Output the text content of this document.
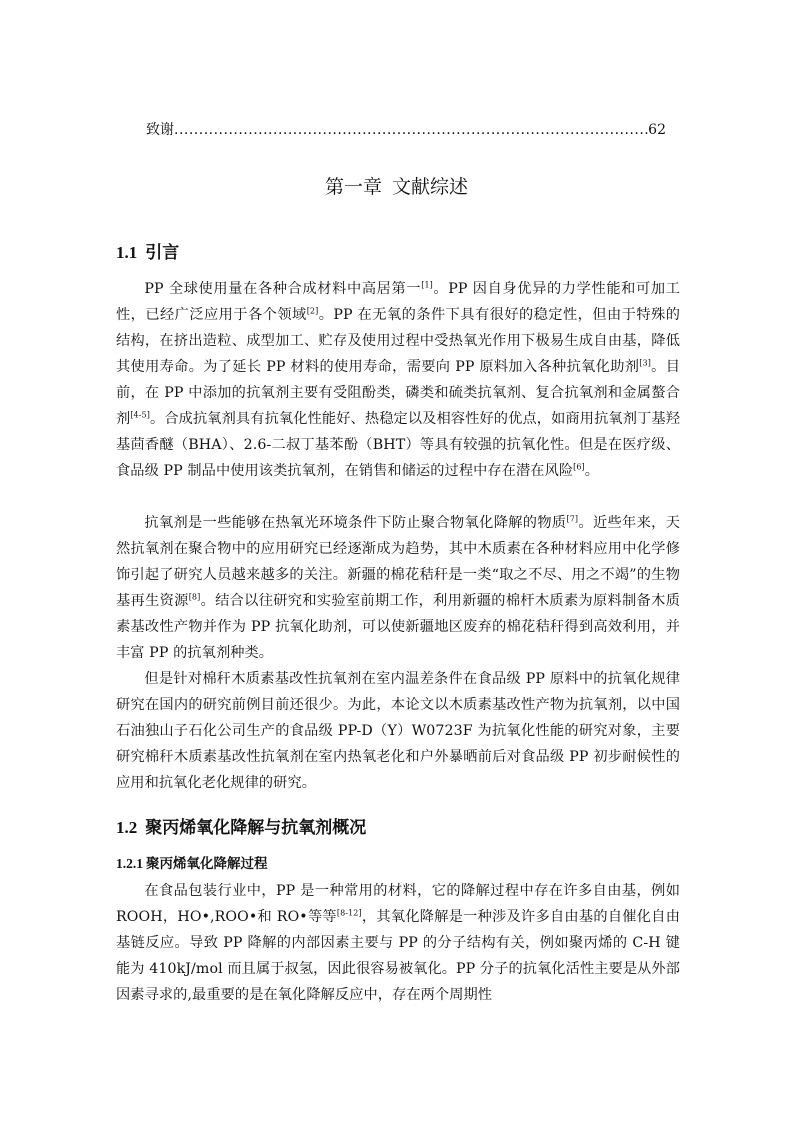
致谢
.....	62
第一章 文献综述
1.1 引言

PP 全球使用量在各种合成材料中高居第一[1]。PP 因自身优异的力学性能和可加工性，已经广泛应用于各个领域[2]。PP 在无氧的条件下具有很好的稳定性，但由于特殊的结构，在挤出造粒、成型加工、贮存及使用过程中受热氧光作用下极易生成自由基，降低其使用寿命。为了延长 PP 材料的使用寿命，需要向 PP 原料加入各种抗氧化助剂[3]。目前，在 PP 中添加的抗氧剂主要有受阻酚类，磷类和硫类抗氧剂、复合抗氧剂和金属螯合剂[4-5]。合成抗氧剂具有抗氧化性能好、热稳定以及相容性好的优点，如商用抗氧剂丁基羟基茴香醚（BHA）、2.6-二叔丁基苯酚（BHT）等具有较强的抗氧化性。但是在医疗级、食品级 PP 制品中使用该类抗氧剂，在销售和储运的过程中存在潜在风险[6]。

抗氧剂是一些能够在热氧光环境条件下防止聚合物氧化降解的物质[7]。近些年来，天然抗氧剂在聚合物中的应用研究已经逐渐成为趋势，其中木质素在各种材料应用中化学修饰引起了研究人员越来越多的关注。新疆的棉花秸秆是一类“取之不尽、用之不竭”的生物基再生资源[8]。结合以往研究和实验室前期工作，利用新疆的棉杆木质素为原料制备木质素基改性产物并作为 PP 抗氧化助剂，可以使新疆地区废弃的棉花秸秆得到高效利用，并丰富 PP 的抗氧剂种类。

但是针对棉秆木质素基改性抗氧剂在室内温差条件在食品级 PP 原料中的抗氧化规律研究在国内的研究前例目前还很少。为此，本论文以木质素基改性产物为抗氧剂，以中国石油独山子石化公司生产的食品级 PP-D（Y）W0723F 为抗氧化性能的研究对象，主要研究棉秆木质素基改性抗氧剂在室内热氧老化和户外暴晒前后对食品级 PP 初步耐候性的应用和抗氧化老化规律的研究。

1.2 聚丙烯氧化降解与抗氧剂概况
1.2.1 聚丙烯氧化降解过程

在食品包装行业中，PP 是一种常用的材料，它的降解过程中存在许多自由基，例如 ROOH，HO•,ROO•和 RO•等等[8-12]，其氧化降解是一种涉及许多自由基的自催化自由基链反应。导致 PP 降解的内部因素主要与 PP 的分子结构有关，例如聚丙烯的 C-H 键能为 410kJ/mol 而且属于叔氢，因此很容易被氧化。PP 分子的抗氧化活性主要是从外部因素寻求的,最重要的是在氧化降解反应中，存在两个周期性
